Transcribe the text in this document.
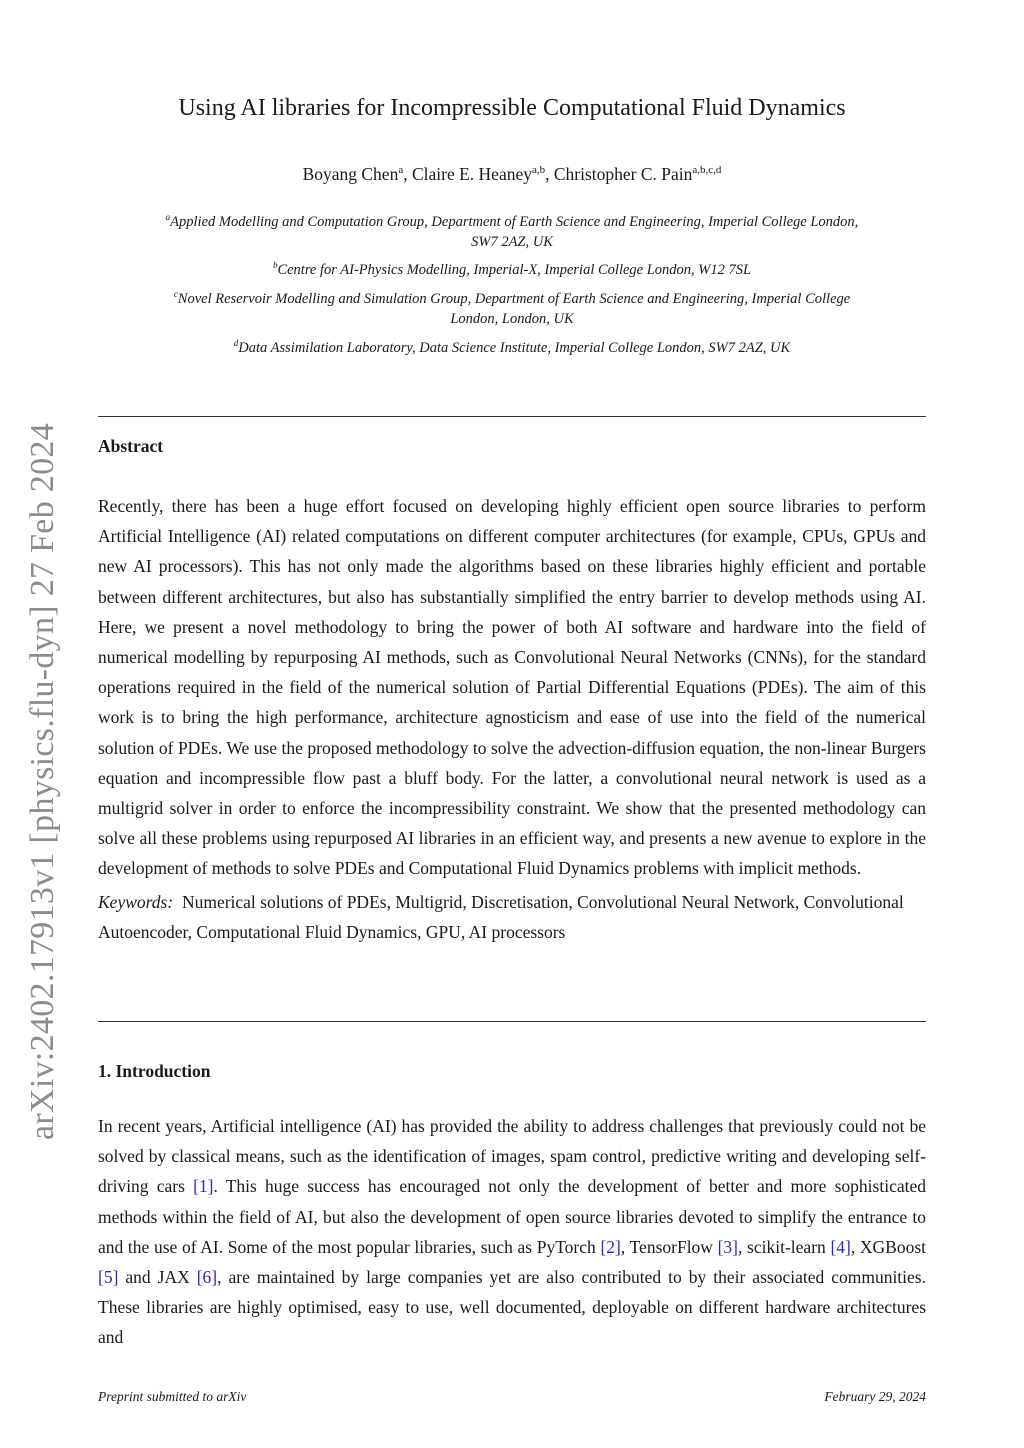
arXiv:2402.17913v1 [physics.flu-dyn] 27 Feb 2024
Using AI libraries for Incompressible Computational Fluid Dynamics
Boyang Chen$^a$, Claire E. Heaney$^{a,b}$, Christopher C. Pain$^{a,b,c,d}$
$^a$Applied Modelling and Computation Group, Department of Earth Science and Engineering, Imperial College London,
SW7 2AZ, UK
$^b$Centre for AI-Physics Modelling, Imperial-X, Imperial College London, W12 7SL
$^c$Novel Reservoir Modelling and Simulation Group, Department of Earth Science and Engineering, Imperial College
London, London, UK
$^d$Data Assimilation Laboratory, Data Science Institute, Imperial College London, SW7 2AZ, UK
Abstract

Recently, there has been a huge effort focused on developing highly efficient open source libraries to perform Artificial Intelligence (AI) related computations on different computer architectures (for example, CPUs, GPUs and new AI processors). This has not only made the algorithms based on these libraries highly efficient and portable between different architectures, but also has substantially simplified the entry barrier to develop methods using AI. Here, we present a novel methodology to bring the power of both AI software and hardware into the field of numerical modelling by repurposing AI methods, such as Convolutional Neural Networks (CNNs), for the standard operations required in the field of the numerical solution of Partial Differential Equations (PDEs). The aim of this work is to bring the high performance, architecture agnosticism and ease of use into the field of the numerical solution of PDEs. We use the proposed methodology to solve the advection-diffusion equation, the non-linear Burgers equation and incompressible flow past a bluff body. For the latter, a convolutional neural network is used as a multigrid solver in order to enforce the incompressibility constraint. We show that the presented methodology can solve all these problems using repurposed AI libraries in an efficient way, and presents a new avenue to explore in the development of methods to solve PDEs and Computational Fluid Dynamics problems with implicit methods.

Keywords: Numerical solutions of PDEs, Multigrid, Discretisation, Convolutional Neural Network, Convolutional Autoencoder, Computational Fluid Dynamics, GPU, AI processors

1. Introduction

In recent years, Artificial intelligence (AI) has provided the ability to address challenges that previously could not be solved by classical means, such as the identification of images, spam control, predictive writing and developing self-driving cars [1]. This huge success has encouraged not only the development of better and more sophisticated methods within the field of AI, but also the development of open source libraries devoted to simplify the entrance to and the use of AI. Some of the most popular libraries, such as PyTorch [2], TensorFlow [3], scikit-learn [4], XGBoost [5] and JAX [6], are maintained by large companies yet are also contributed to by their associated communities. These libraries are highly optimised, easy to use, well documented, deployable on different hardware architectures and

Preprint submitted to arXiv	February 29, 2024
